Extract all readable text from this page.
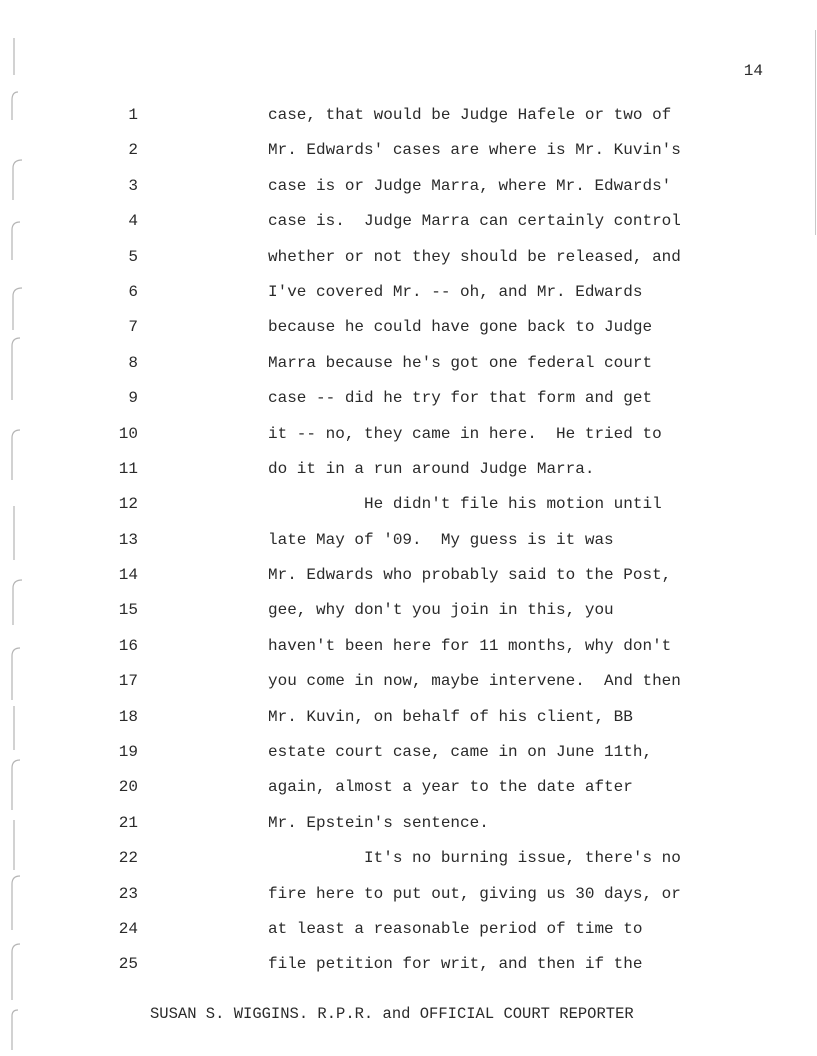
14
1	case, that would be Judge Hafele or two of
2	Mr. Edwards' cases are where is Mr. Kuvin's
3	case is or Judge Marra, where Mr. Edwards'
4	case is.  Judge Marra can certainly control
5	whether or not they should be released, and
6	I've covered Mr. -- oh, and Mr. Edwards
7	because he could have gone back to Judge
8	Marra because he's got one federal court
9	case -- did he try for that form and get
10	it -- no, they came in here.  He tried to
11	do it in a run around Judge Marra.
12	He didn't file his motion until
13	late May of '09.  My guess is it was
14	Mr. Edwards who probably said to the Post,
15	gee, why don't you join in this, you
16	haven't been here for 11 months, why don't
17	you come in now, maybe intervene.  And then
18	Mr. Kuvin, on behalf of his client, BB
19	estate court case, came in on June 11th,
20	again, almost a year to the date after
21	Mr. Epstein's sentence.
22	It's no burning issue, there's no
23	fire here to put out, giving us 30 days, or
24	at least a reasonable period of time to
25	file petition for writ, and then if the
SUSAN S. WIGGINS. R.P.R. and OFFICIAL COURT REPORTER
